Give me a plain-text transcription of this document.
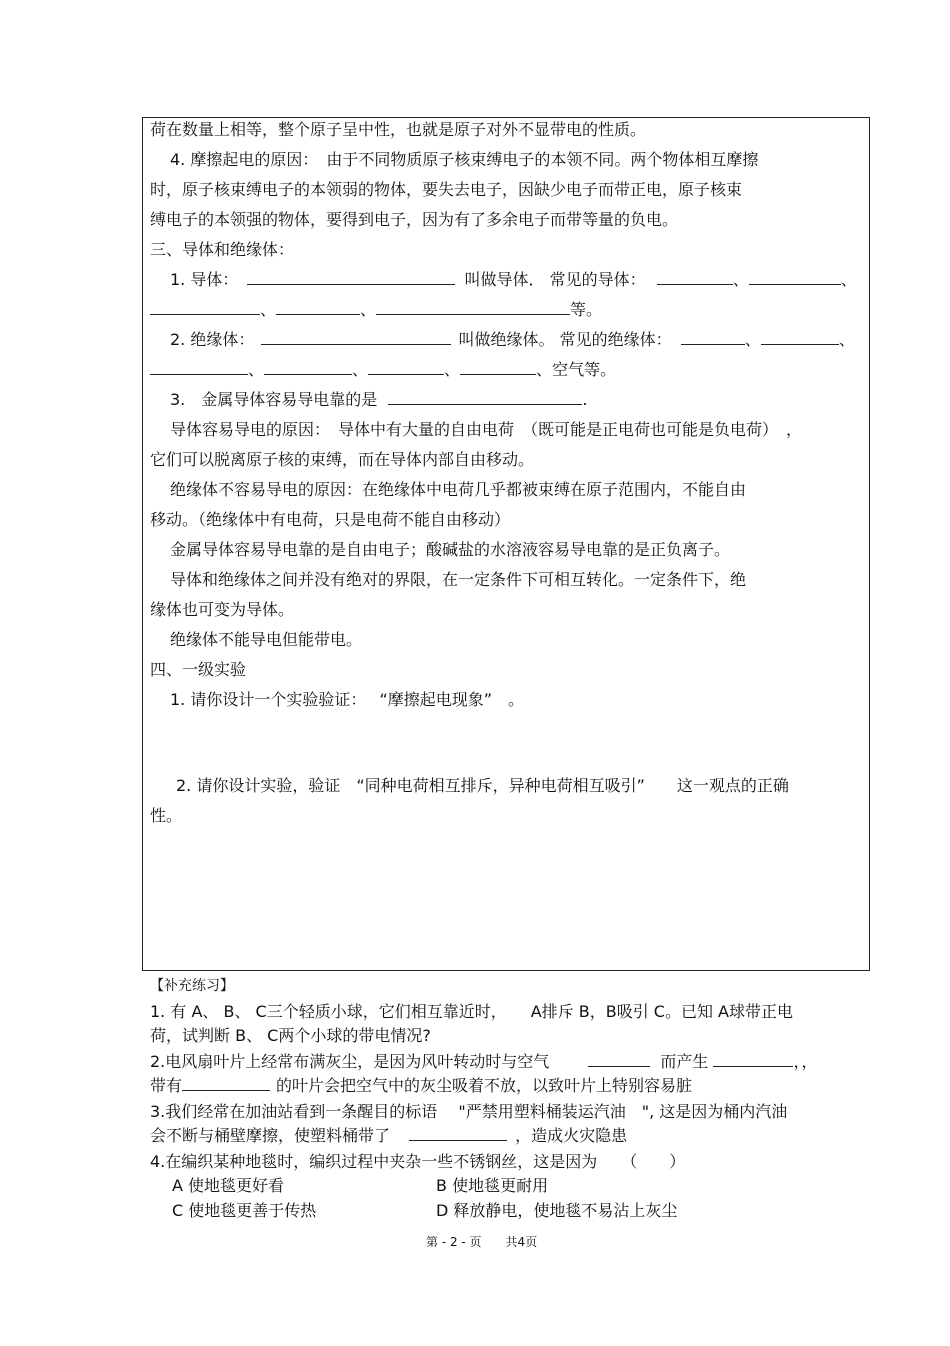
荷在数量上相等，整个原子呈中性，也就是原子对外不显带电的性质。
4. 摩擦起电的原因：　由于不同物质原子核束缚电子的本领不同。两个物体相互摩擦
时，原子核束缚电子的本领弱的物体，要失去电子，因缺少电子而带正电，原子核束
缚电子的本领强的物体，要得到电子，因为有了多余电子而带等量的负电。
三、导体和绝缘体：
1. 导体：	叫做导体． 常见的导体：	、	、
、	、	等。
2. 绝缘体：	叫做绝缘体。 常见的绝缘体：	、	、
、	、	、	、空气等。
3.　金属导体容易导电靠的是	.
导体容易导电的原因：　导体中有大量的自由电荷　（既可能是正电荷也可能是负电荷）　，
它们可以脱离原子核的束缚，而在导体内部自由移动。
绝缘体不容易导电的原因：在绝缘体中电荷几乎都被束缚在原子范围内，不能自由
移动。（绝缘体中有电荷，只是电荷不能自由移动）
金属导体容易导电靠的是自由电子；酸碱盐的水溶液容易导电靠的是正负离子。
导体和绝缘体之间并没有绝对的界限，在一定条件下可相互转化。一定条件下，绝
缘体也可变为导体。
绝缘体不能导电但能带电。
四、一级实验
1. 请你设计一个实验验证：　 “摩擦起电现象”　。
2. 请你设计实验，验证　“同种电荷相互排斥，异种电荷相互吸引”　　这一观点的正确
性。
【补充练习】
1. 有 A、 B、 C三个轻质小球，它们相互靠近时，　　A排斥 B，B吸引 C。已知 A球带正电
荷，试判断 B、 C两个小球的带电情况?
2.电风扇叶片上经常布满灰尘，是因为风叶转动时与空气	而产生	，，
带有	的叶片会把空气中的灰尘吸着不放，以致叶片上特别容易脏
3.我们经常在加油站看到一条醒目的标语　 "严禁用塑料桶装运汽油　", 这是因为桶内汽油
会不断与桶壁摩擦，使塑料桶带了	，造成火灾隐患
4.在编织某种地毯时，编织过程中夹杂一些不锈钢丝，这是因为　　（　　）
A 使地毯更好看	B 使地毯更耐用
C 使地毯更善于传热	D 释放静电，使地毯不易沾上灰尘
第 - 2 - 页　　共4页
